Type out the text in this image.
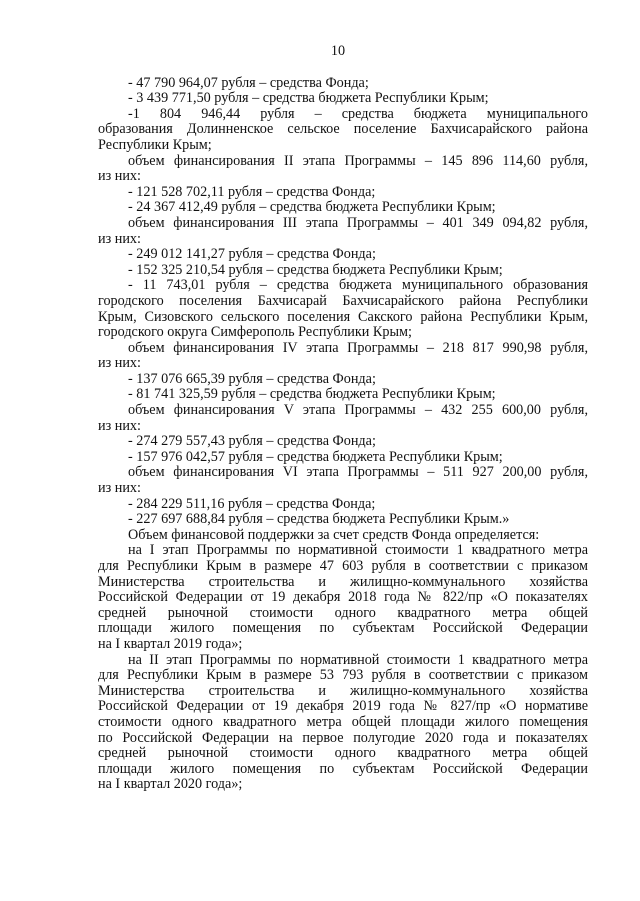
10
- 47 790 964,07 рубля – средства Фонда;
- 3 439 771,50 рубля – средства бюджета Республики Крым;
-1 804 946,44 рубля – средства бюджета муниципального
образования Долинненское сельское поселение Бахчисарайского района
Республики Крым;
объем финансирования II этапа Программы – 145 896 114,60 рубля,
из них:
- 121 528 702,11 рубля – средства Фонда;
- 24 367 412,49 рубля – средства бюджета Республики Крым;
объем финансирования III этапа Программы – 401 349 094,82 рубля,
из них:
- 249 012 141,27 рубля – средства Фонда;
- 152 325 210,54 рубля – средства бюджета Республики Крым;
- 11 743,01 рубля – средства бюджета муниципального образования
городского поселения Бахчисарай Бахчисарайского района Республики
Крым, Сизовского сельского поселения Сакского района Республики Крым,
городского округа Симферополь Республики Крым;
объем финансирования IV этапа Программы – 218 817 990,98 рубля,
из них:
- 137 076 665,39 рубля – средства Фонда;
- 81 741 325,59 рубля – средства бюджета Республики Крым;
объем финансирования V этапа Программы – 432 255 600,00 рубля,
из них:
- 274 279 557,43 рубля – средства Фонда;
- 157 976 042,57 рубля – средства бюджета Республики Крым;
объем финансирования VI этапа Программы – 511 927 200,00 рубля,
из них:
- 284 229 511,16 рубля – средства Фонда;
- 227 697 688,84 рубля – средства бюджета Республики Крым.»
Объем финансовой поддержки за счет средств Фонда определяется:
на I этап Программы по нормативной стоимости 1 квадратного метра
для Республики Крым в размере 47 603 рубля в соответствии с приказом
Министерства строительства и жилищно-коммунального хозяйства
Российской Федерации от 19 декабря 2018 года № 822/пр «О показателях
средней рыночной стоимости одного квадратного метра общей
площади жилого помещения по субъектам Российской Федерации
на I квартал 2019 года»;
на II этап Программы по нормативной стоимости 1 квадратного метра
для Республики Крым в размере 53 793 рубля в соответствии с приказом
Министерства строительства и жилищно-коммунального хозяйства
Российской Федерации от 19 декабря 2019 года № 827/пр «О нормативе
стоимости одного квадратного метра общей площади жилого помещения
по Российской Федерации на первое полугодие 2020 года и показателях
средней рыночной стоимости одного квадратного метра общей
площади жилого помещения по субъектам Российской Федерации
на I квартал 2020 года»;
